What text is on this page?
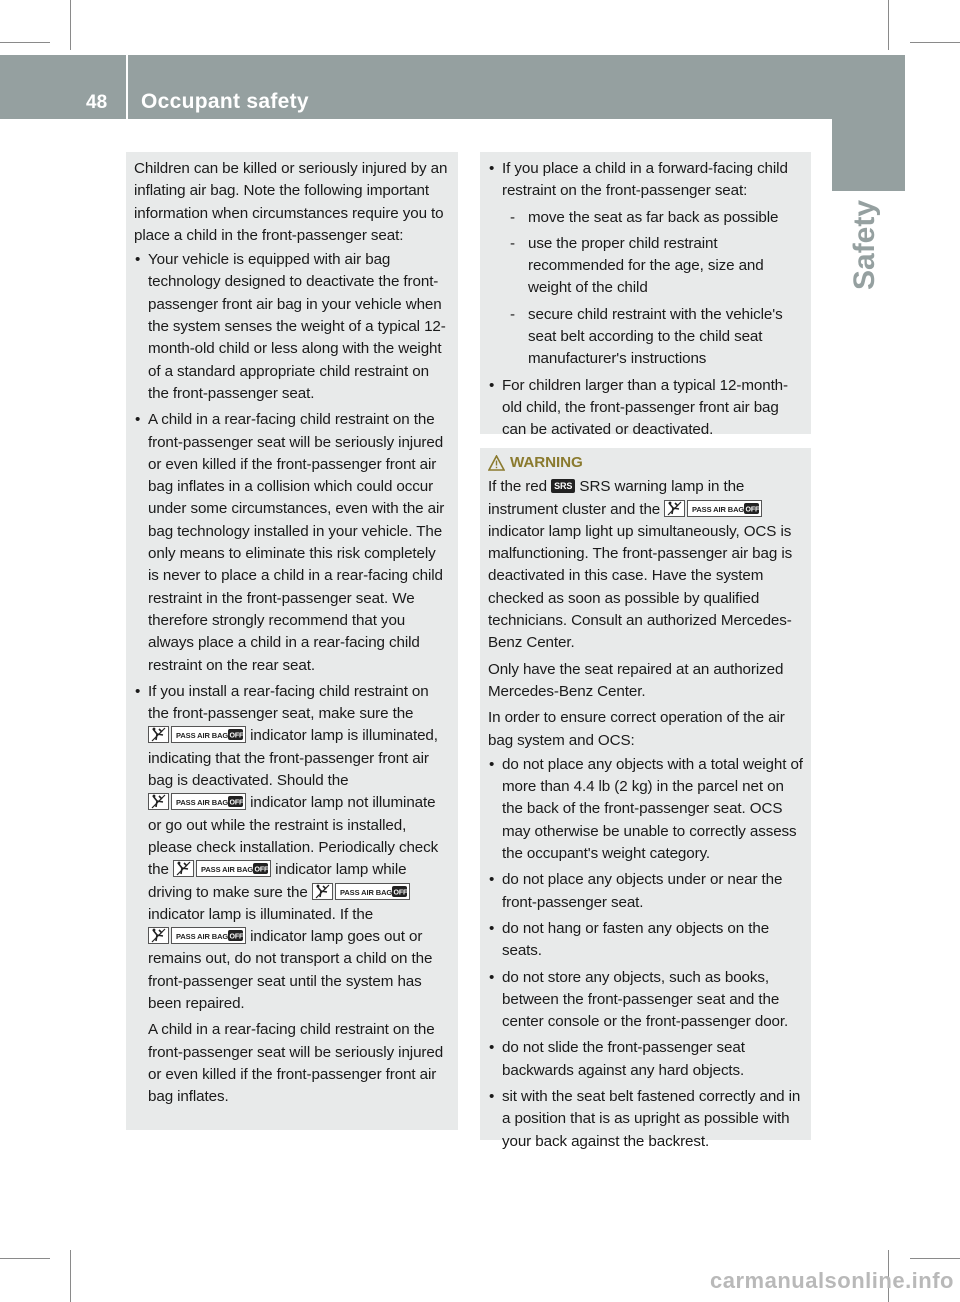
48 Occupant safety
Safety

Children can be killed or seriously injured by an inflating air bag. Note the following important information when circumstances require you to place a child in the front-passenger seat:

• Your vehicle is equipped with air bag technology designed to deactivate the front-passenger front air bag in your vehicle when the system senses the weight of a typical 12-month-old child or less along with the weight of a standard appropriate child restraint on the front-passenger seat.
• A child in a rear-facing child restraint on the front-passenger seat will be seriously injured or even killed if the front-passenger front air bag inflates in a collision which could occur under some circumstances, even with the air bag technology installed in your vehicle. The only means to eliminate this risk completely is never to place a child in a rear-facing child restraint in the front-passenger seat. We therefore strongly recommend that you always place a child in a rear-facing child restraint on the rear seat.
• If you install a rear-facing child restraint on the front-passenger seat, make sure the
PASS AIR BAG OFF indicator lamp is illuminated, indicating that the front-passenger front air bag is deactivated. Should the
PASS AIR BAG OFF indicator lamp not illuminate or go out while the restraint is installed, please check installation. Periodically check the	PASS AIR BAG OFF indicator lamp while driving to make sure the	PASS AIR BAG OFF
indicator lamp is illuminated. If the
PASS AIR BAG OFF indicator lamp goes out or remains out, do not transport a child on the front-passenger seat until the system has been repaired.

A child in a rear-facing child restraint on the front-passenger seat will be seriously injured or even killed if the front-passenger front air bag inflates.

• If you place a child in a forward-facing child restraint on the front-passenger seat:
- move the seat as far back as possible
- use the proper child restraint recommended for the age, size and weight of the child
- secure child restraint with the vehicle's seat belt according to the child seat manufacturer's instructions
• For children larger than a typical 12-month-old child, the front-passenger front air bag can be activated or deactivated.
WARNING

If the red SRS SRS warning lamp in the instrument cluster and the	PASS AIR BAG OFF
indicator lamp light up simultaneously, OCS is malfunctioning. The front-passenger air bag is deactivated in this case. Have the system checked as soon as possible by qualified technicians. Consult an authorized Mercedes-Benz Center.

Only have the seat repaired at an authorized Mercedes-Benz Center.

In order to ensure correct operation of the air bag system and OCS:

• do not place any objects with a total weight of more than 4.4 lb (2 kg) in the parcel net on the back of the front-passenger seat. OCS may otherwise be unable to correctly assess the occupant's weight category.
• do not place any objects under or near the front-passenger seat.
• do not hang or fasten any objects on the seats.
• do not store any objects, such as books, between the front-passenger seat and the center console or the front-passenger door.
• do not slide the front-passenger seat backwards against any hard objects.
• sit with the seat belt fastened correctly and in a position that is as upright as possible with your back against the backrest.
carmanualsonline.info
